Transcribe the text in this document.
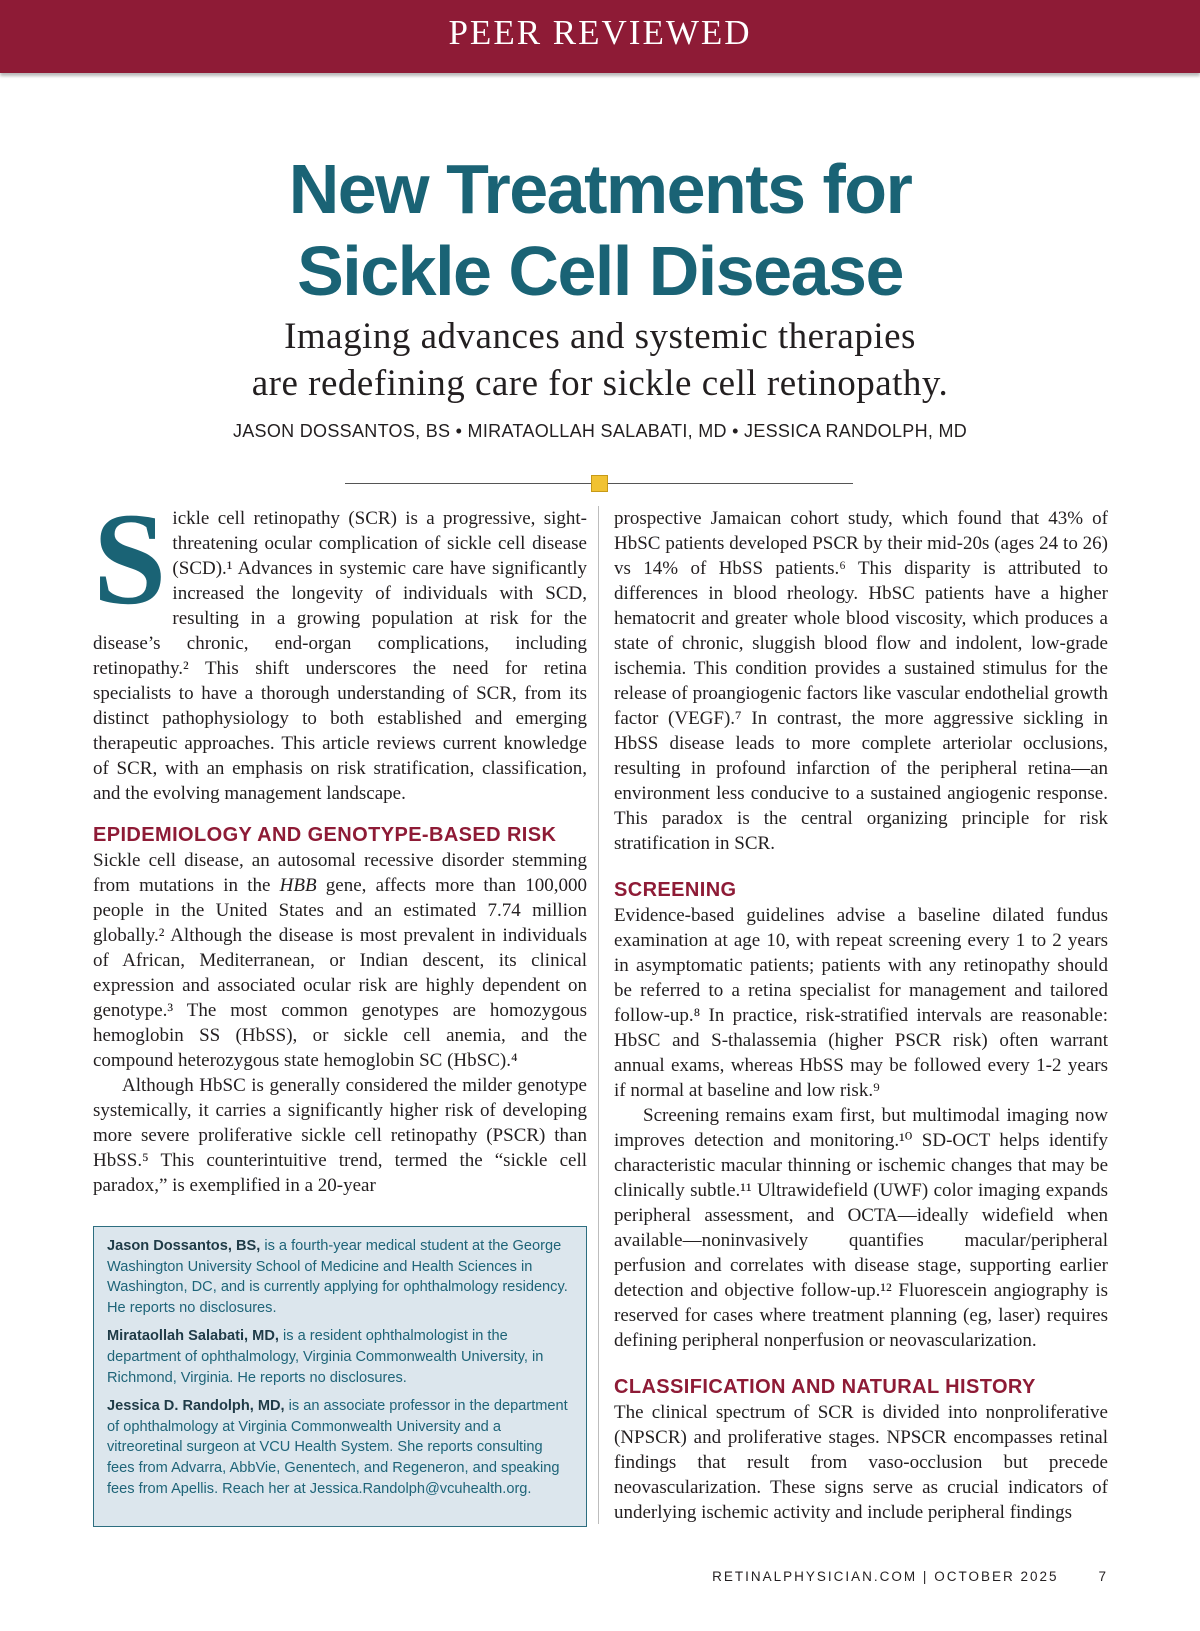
PEER REVIEWED
New Treatments for
Sickle Cell Disease
Imaging advances and systemic therapies
are redefining care for sickle cell retinopathy.
JASON DOSSANTOS, BS • MIRATAOLLAH SALABATI, MD • JESSICA RANDOLPH, MD

Sickle cell retinopathy (SCR) is a progressive, sight-threatening ocular complication of sickle cell disease (SCD).¹ Advances in systemic care have significantly increased the longevity of individuals with SCD, resulting in a growing population at risk for the disease’s chronic, end-organ complications, including retinopathy.² This shift underscores the need for retina specialists to have a thorough understanding of SCR, from its distinct pathophysiology to both established and emerging therapeutic approaches. This article reviews current knowledge of SCR, with an emphasis on risk stratification, classification, and the evolving management landscape.

EPIDEMIOLOGY AND GENOTYPE-BASED RISK

Sickle cell disease, an autosomal recessive disorder stemming from mutations in the HBB gene, affects more than 100,000 people in the United States and an estimated 7.74 million globally.² Although the disease is most prevalent in individuals of African, Mediterranean, or Indian descent, its clinical expression and associated ocular risk are highly dependent on genotype.³ The most common genotypes are homozygous hemoglobin SS (HbSS), or sickle cell anemia, and the compound heterozygous state hemoglobin SC (HbSC).⁴

Although HbSC is generally considered the milder genotype systemically, it carries a significantly higher risk of developing more severe proliferative sickle cell retinopathy (PSCR) than HbSS.⁵ This counterintuitive trend, termed the “sickle cell paradox,” is exemplified in a 20-year

Jason Dossantos, BS, is a fourth-year medical student at the George Washington University School of Medicine and Health Sciences in Washington, DC, and is currently applying for ophthalmology residency. He reports no disclosures.

Mirataollah Salabati, MD, is a resident ophthalmologist in the department of ophthalmology, Virginia Commonwealth University, in Richmond, Virginia. He reports no disclosures.

Jessica D. Randolph, MD, is an associate professor in the department of ophthalmology at Virginia Commonwealth University and a vitreoretinal surgeon at VCU Health System. She reports consulting fees from Advarra, AbbVie, Genentech, and Regeneron, and speaking fees from Apellis. Reach her at Jessica.Randolph@vcuhealth.org.

prospective Jamaican cohort study, which found that 43% of HbSC patients developed PSCR by their mid-20s (ages 24 to 26) vs 14% of HbSS patients.⁶ This disparity is attributed to differences in blood rheology. HbSC patients have a higher hematocrit and greater whole blood viscosity, which produces a state of chronic, sluggish blood flow and indolent, low-grade ischemia. This condition provides a sustained stimulus for the release of proangiogenic factors like vascular endothelial growth factor (VEGF).⁷ In contrast, the more aggressive sickling in HbSS disease leads to more complete arteriolar occlusions, resulting in profound infarction of the peripheral retina—an environment less conducive to a sustained angiogenic response. This paradox is the central organizing principle for risk stratification in SCR.

SCREENING

Evidence-based guidelines advise a baseline dilated fundus examination at age 10, with repeat screening every 1 to 2 years in asymptomatic patients; patients with any retinopathy should be referred to a retina specialist for management and tailored follow-up.⁸ In practice, risk-stratified intervals are reasonable: HbSC and S-thalassemia (higher PSCR risk) often warrant annual exams, whereas HbSS may be followed every 1-2 years if normal at baseline and low risk.⁹

Screening remains exam first, but multimodal imaging now improves detection and monitoring.¹⁰ SD-OCT helps identify characteristic macular thinning or ischemic changes that may be clinically subtle.¹¹ Ultrawidefield (UWF) color imaging expands peripheral assessment, and OCTA—ideally widefield when available—noninvasively quantifies macular/peripheral perfusion and correlates with disease stage, supporting earlier detection and objective follow-up.¹² Fluorescein angiography is reserved for cases where treatment planning (eg, laser) requires defining peripheral nonperfusion or neovascularization.

CLASSIFICATION AND NATURAL HISTORY

The clinical spectrum of SCR is divided into nonproliferative (NPSCR) and proliferative stages. NPSCR encompasses retinal findings that result from vaso-occlusion but precede neovascularization. These signs serve as crucial indicators of underlying ischemic activity and include peripheral findings

RETINALPHYSICIAN.COM | OCTOBER 2025	7
